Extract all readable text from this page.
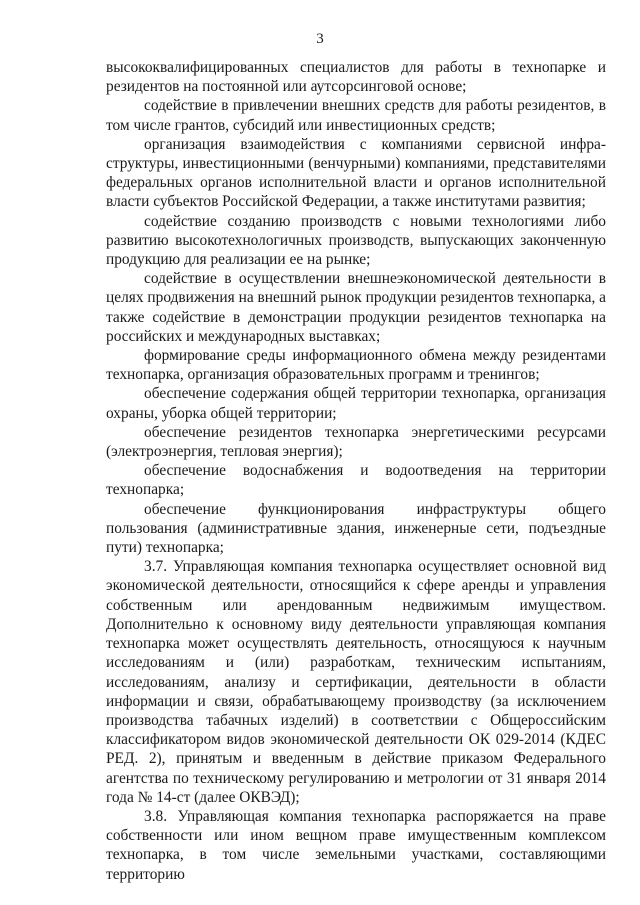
3

высококвалифицированных специалистов для работы в технопарке и резидентов на постоянной или аутсорсинговой основе;

содействие в привлечении внешних средств для работы резидентов, в том числе грантов, субсидий или инвестиционных средств;

организация взаимодействия с компаниями сервисной инфраструктуры, инвестиционными (венчурными) компаниями, представителями федеральных органов исполнительной власти и органов исполнительной власти субъектов Российской Федерации, а также институтами развития;

содействие созданию производств с новыми технологиями либо развитию высокотехнологичных производств, выпускающих законченную продукцию для реализации ее на рынке;

содействие в осуществлении внешнеэкономической деятельности в целях продвижения на внешний рынок продукции резидентов технопарка, а также содействие в демонстрации продукции резидентов технопарка на российских и международных выставках;

формирование среды информационного обмена между резидентами технопарка, организация образовательных программ и тренингов;

обеспечение содержания общей территории технопарка, организация охраны, уборка общей территории;

обеспечение резидентов технопарка энергетическими ресурсами (электроэнергия, тепловая энергия);

обеспечение водоснабжения и водоотведения на территории технопарка;

обеспечение функционирования инфраструктуры общего пользования (административные здания, инженерные сети, подъездные пути) технопарка;

3.7. Управляющая компания технопарка осуществляет основной вид экономической деятельности, относящийся к сфере аренды и управления собственным или арендованным недвижимым имуществом. Дополнительно к основному виду деятельности управляющая компания технопарка может осуществлять деятельность, относящуюся к научным исследованиям и (или) разработкам, техническим испытаниям, исследованиям, анализу и сертификации, деятельности в области информации и связи, обрабатывающему производству (за исключением производства табачных изделий) в соответствии с Общероссийским классификатором видов экономической деятельности ОК 029-2014 (КДЕС РЕД. 2), принятым и введенным в действие приказом Федерального агентства по техническому регулированию и метрологии от 31 января 2014 года № 14-ст (далее ОКВЭД);

3.8. Управляющая компания технопарка распоряжается на праве собственности или ином вещном праве имущественным комплексом технопарка, в том числе земельными участками, составляющими территорию
